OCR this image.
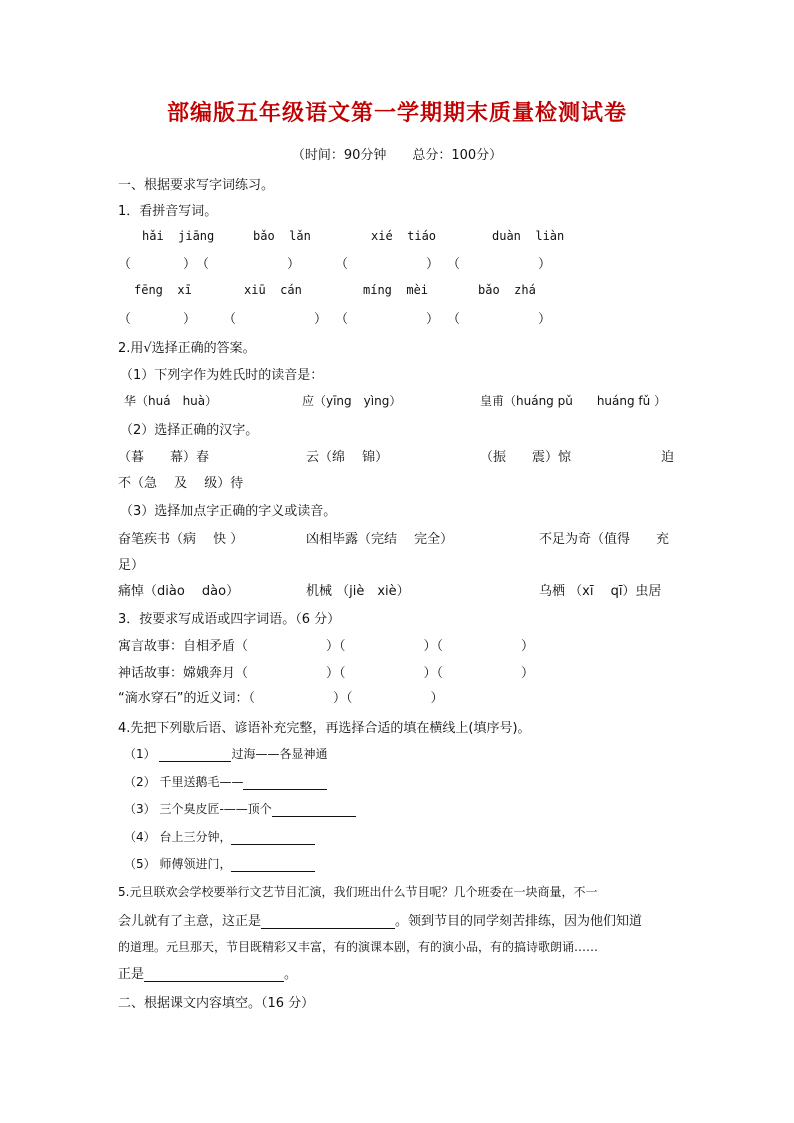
部编版五年级语文第一学期期末质量检测试卷
（时间：90分钟　　总分：100分）
一、根据要求写字词练习。
1．看拼音写词。
hǎi  jiāng	bǎo  lǎn	xié  tiáo	duàn  liàn
（　　　　） （　　　　　　）	（　　　　　　） （　　　　　　）
fēng  xī	xiū  cán	míng  mèi	bǎo  zhá
（　　　　） （　　　　　　） （　　　　　　） （　　　　　　）
2.用√选择正确的答案。
（1）下列字作为姓氏时的读音是：
华（huá　huà）	应（yīng　yìng）	皇甫（huáng pǔ　　huáng fǔ ）
（2）选择正确的汉字。
（暮　　幕）春	云（绵　 锦）	（振　　震）惊	迫
不（急　 及　 级）待
（3）选择加点字正确的字义或读音。
奋笔疾书（病　 快 ）	凶相毕露（完结　 完全）	不足为奇（值得　　充
足）
痛悼（diào　 dào）	机械 （jiè　xiè）	乌栖 （xī　 qī）虫居
3．按要求写成语或四字词语。（6 分）
寓言故事：自相矛盾（　　　　　　）（　　　　　　）（　　　　　　）
神话故事：嫦娥奔月（　　　　　　）（　　　　　　）（　　　　　　）
“滴水穿石”的近义词：（　　　　　　）（　　　　　　）
4.先把下列歇后语、谚语补充完整，再选择合适的填在横线上(填序号)。
（1）	过海——各显神通
（2） 千里送鹅毛——
（3） 三个臭皮匠-——顶个
（4） 台上三分钟，
（5） 师傅领进门，
5.元旦联欢会学校要举行文艺节目汇演，我们班出什么节目呢？几个班委在一块商量，不一
会儿就有了主意，这正是	。领到节目的同学刻苦排练，因为他们知道
的道理。元旦那天，节目既精彩又丰富，有的演课本剧，有的演小品，有的搞诗歌朗诵……
正是	。
二、根据课文内容填空。（16 分）
